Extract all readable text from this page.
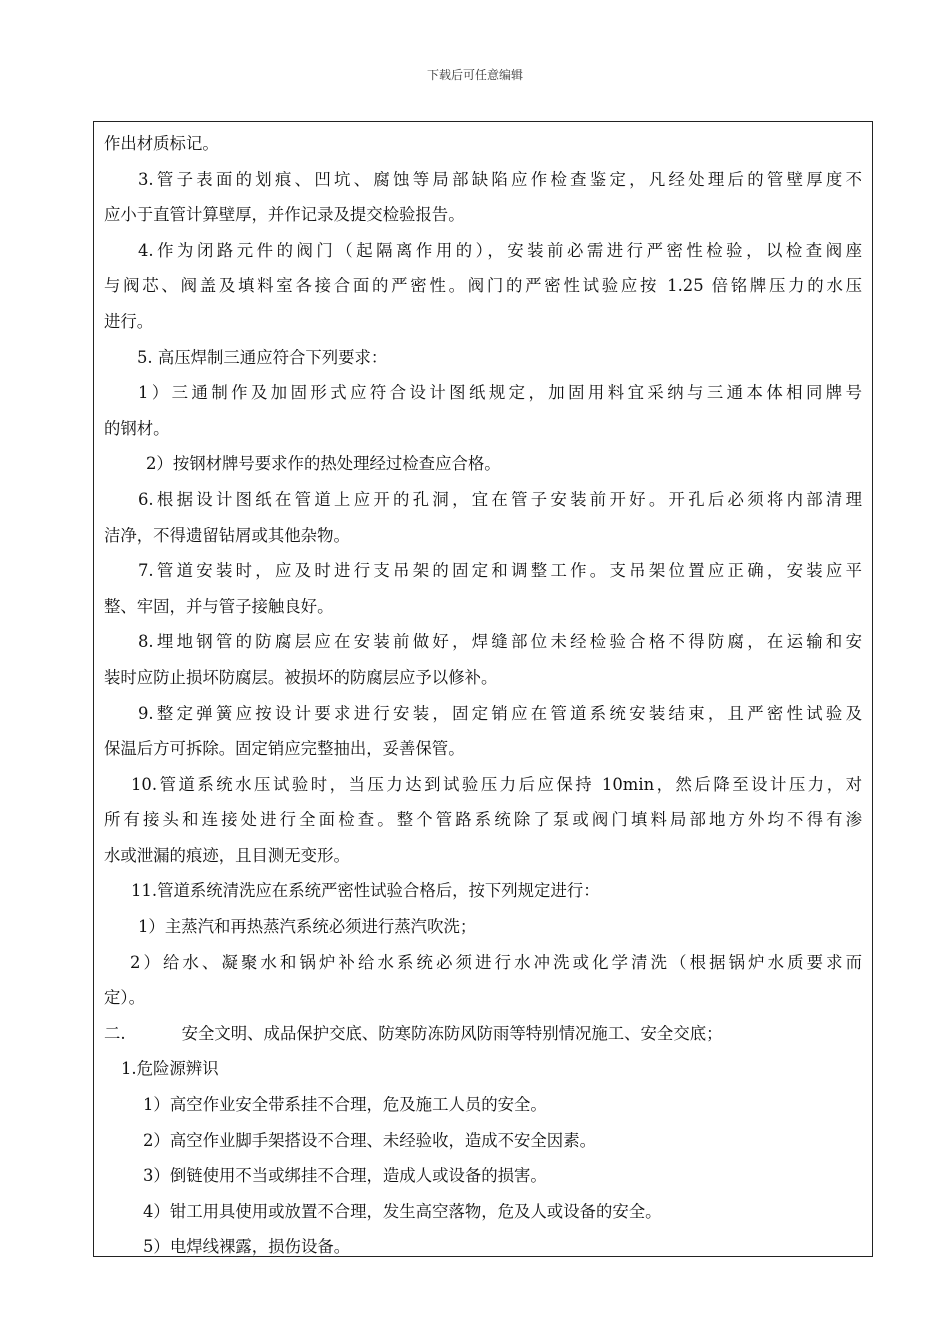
下载后可任意编辑
作出材质标记。
3.管子表面的划痕、凹坑、腐蚀等局部缺陷应作检查鉴定，凡经处理后的管壁厚度不
应小于直管计算壁厚，并作记录及提交检验报告。
4.作为闭路元件的阀门（起隔离作用的），安装前必需进行严密性检验，以检查阀座
与阀芯、阀盖及填料室各接合面的严密性。阀门的严密性试验应按 1.25 倍铭牌压力的水压
进行。
5. 高压焊制三通应符合下列要求：
1）三通制作及加固形式应符合设计图纸规定，加固用料宜采纳与三通本体相同牌号
的钢材。
2）按钢材牌号要求作的热处理经过检查应合格。
6.根据设计图纸在管道上应开的孔洞，宜在管子安装前开好。开孔后必须将内部清理
洁净，不得遗留钻屑或其他杂物。
7.管道安装时，应及时进行支吊架的固定和调整工作。支吊架位置应正确，安装应平
整、牢固，并与管子接触良好。
8.埋地钢管的防腐层应在安装前做好，焊缝部位未经检验合格不得防腐，在运输和安
装时应防止损坏防腐层。被损坏的防腐层应予以修补。
9.整定弹簧应按设计要求进行安装，固定销应在管道系统安装结束，且严密性试验及
保温后方可拆除。固定销应完整抽出，妥善保管。
10.管道系统水压试验时，当压力达到试验压力后应保持 10min，然后降至设计压力，对
所有接头和连接处进行全面检查。整个管路系统除了泵或阀门填料局部地方外均不得有渗
水或泄漏的痕迹，且目测无变形。
11.管道系统清洗应在系统严密性试验合格后，按下列规定进行：
1）主蒸汽和再热蒸汽系统必须进行蒸汽吹洗；
2）给水、凝聚水和锅炉补给水系统必须进行水冲洗或化学清洗（根据锅炉水质要求而
定）。
二.	安全文明、成品保护交底、防寒防冻防风防雨等特别情况施工、安全交底；
1.危险源辨识
1）高空作业安全带系挂不合理，危及施工人员的安全。
2）高空作业脚手架搭设不合理、未经验收，造成不安全因素。
3）倒链使用不当或绑挂不合理，造成人或设备的损害。
4）钳工用具使用或放置不合理，发生高空落物，危及人或设备的安全。
5）电焊线裸露，损伤设备。
